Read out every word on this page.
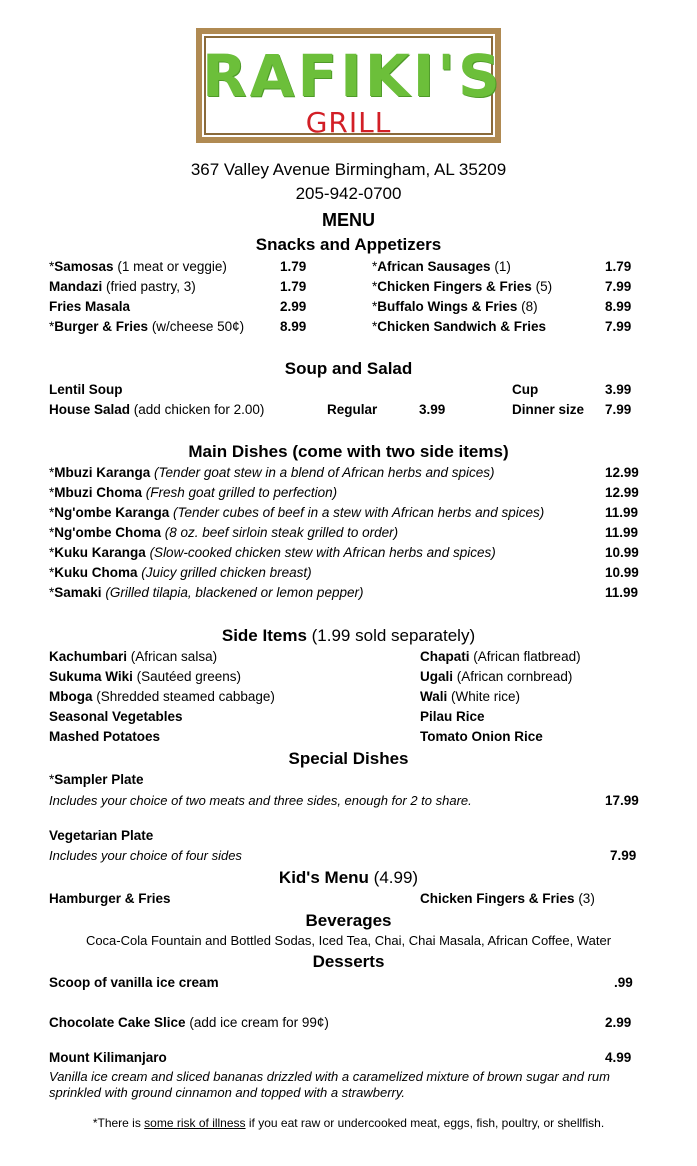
RAFIKI'S
GRILL
367 Valley Avenue Birmingham, AL 35209
205-942-0700
MENU
Snacks and Appetizers
*Samosas (1 meat or veggie)	1.79
Mandazi (fried pastry, 3)	1.79
Fries Masala	2.99
*Burger & Fries (w/cheese 50¢)	8.99
*African Sausages (1)	1.79
*Chicken Fingers & Fries (5)	7.99
*Buffalo Wings & Fries (8)	8.99
*Chicken Sandwich & Fries	7.99
Soup and Salad
Lentil Soup	Cup	3.99
House Salad (add chicken for 2.00)	Regular	3.99	Dinner size 7.99
Main Dishes (come with two side items)
*Mbuzi Karanga (Tender goat stew in a blend of African herbs and spices)	12.99
*Mbuzi Choma (Fresh goat grilled to perfection)	12.99
*Ng'ombe Karanga (Tender cubes of beef in a stew with African herbs and spices)	11.99
*Ng'ombe Choma (8 oz. beef sirloin steak grilled to order)	11.99
*Kuku Karanga (Slow-cooked chicken stew with African herbs and spices)	10.99
*Kuku Choma (Juicy grilled chicken breast)	10.99
*Samaki (Grilled tilapia, blackened or lemon pepper)	11.99
Side Items (1.99 sold separately)
Kachumbari (African salsa)
Sukuma Wiki (Sautéed greens)
Mboga (Shredded steamed cabbage)
Seasonal Vegetables
Mashed Potatoes
Chapati (African flatbread)
Ugali (African cornbread)
Wali (White rice)
Pilau Rice
Tomato Onion Rice
Special Dishes
*Sampler Plate
Includes your choice of two meats and three sides, enough for 2 to share.	17.99
Vegetarian Plate
Includes your choice of four sides	7.99
Kid's Menu (4.99)
Hamburger & Fries	Chicken Fingers & Fries (3)
Beverages
Coca-Cola Fountain and Bottled Sodas, Iced Tea, Chai, Chai Masala, African Coffee, Water
Desserts
Scoop of vanilla ice cream	.99
Chocolate Cake Slice (add ice cream for 99¢)	2.99
Mount Kilimanjaro	4.99
Vanilla ice cream and sliced bananas drizzled with a caramelized mixture of brown sugar and rum sprinkled with ground cinnamon and topped with a strawberry.
*There is some risk of illness if you eat raw or undercooked meat, eggs, fish, poultry, or shellfish.
